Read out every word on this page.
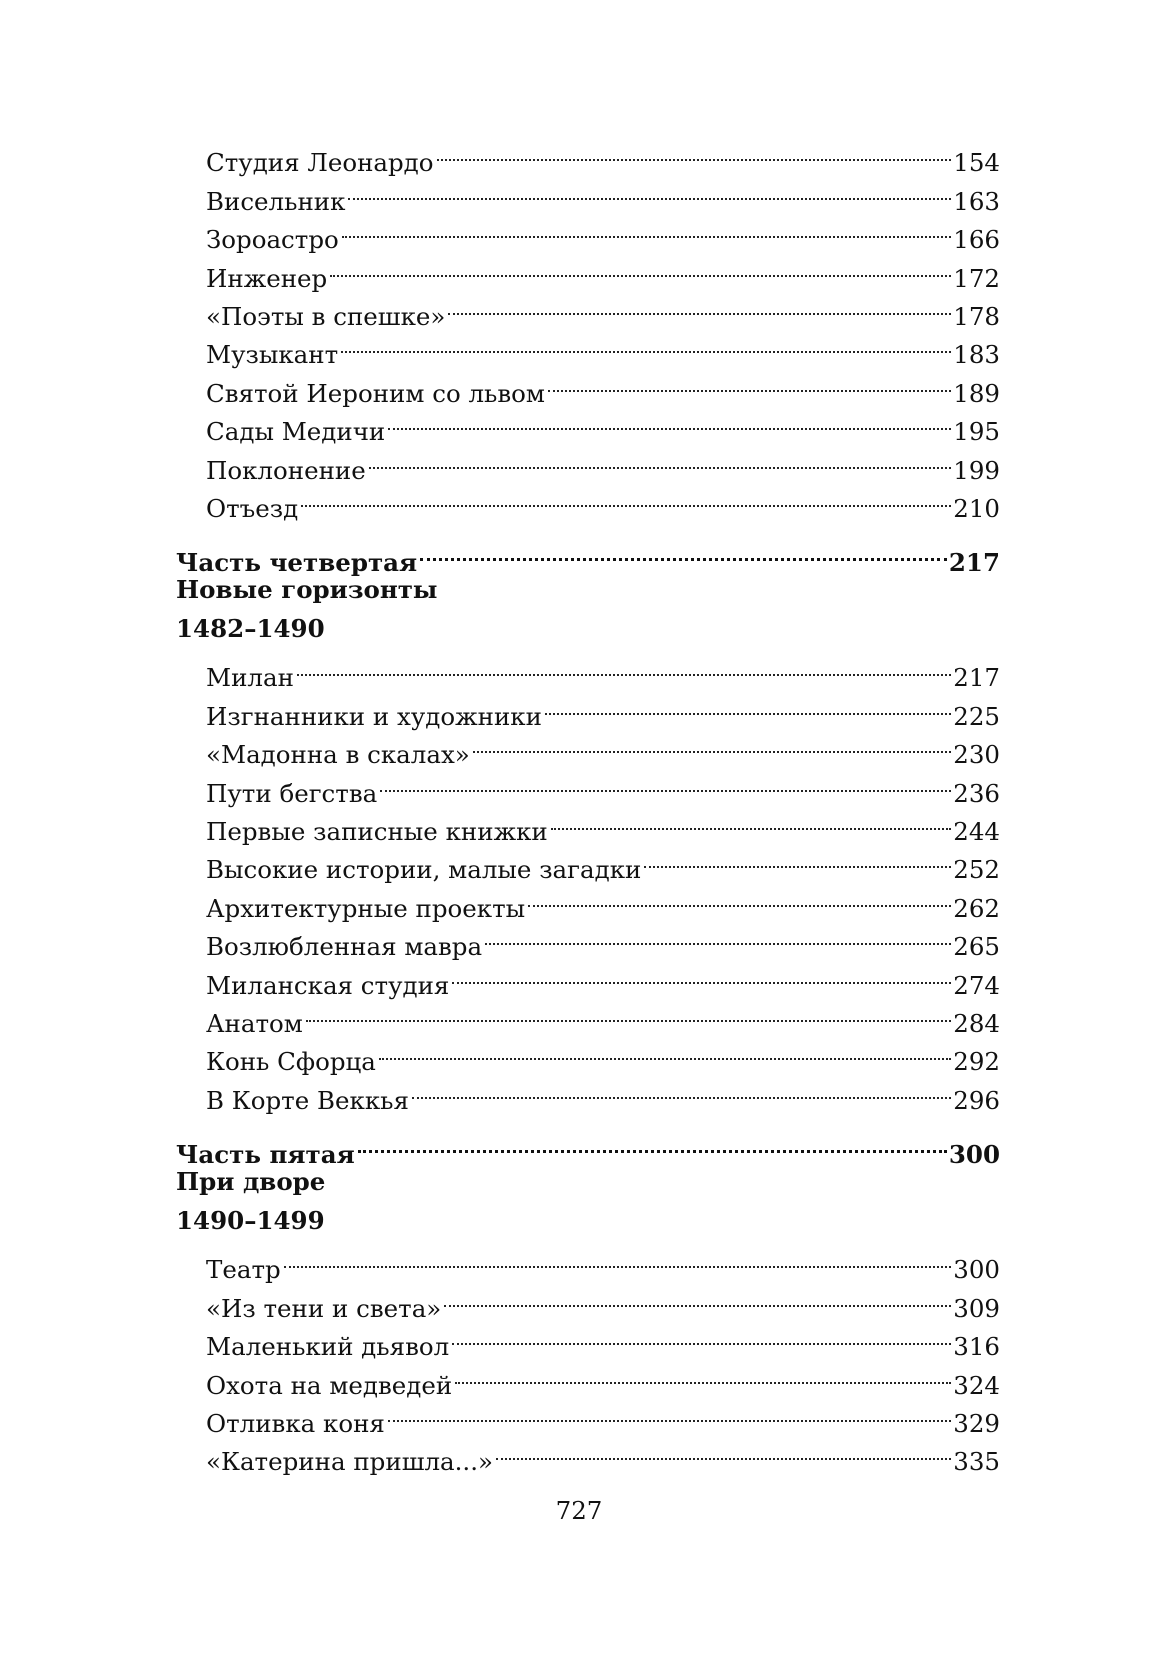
Студия Леонардо	154
Висельник	163
Зороастро	166
Инженер	172
«Поэты в спешке»	178
Музыкант	183
Святой Иероним со львом	189
Сады Медичи	195
Поклонение	199
Отъезд	210
Часть четвертая	217
Новые горизонты
1482–1490
Милан	217
Изгнанники и художники	225
«Мадонна в скалах»	230
Пути бегства	236
Первые записные книжки	244
Высокие истории, малые загадки	252
Архитектурные проекты	262
Возлюбленная мавра	265
Миланская студия	274
Анатом	284
Конь Сфорца	292
В Корте Веккья	296
Часть пятая	300
При дворе
1490–1499
Театр	300
«Из тени и света»	309
Маленький дьявол	316
Охота на медведей	324
Отливка коня	329
«Катерина пришла...»	335
727
